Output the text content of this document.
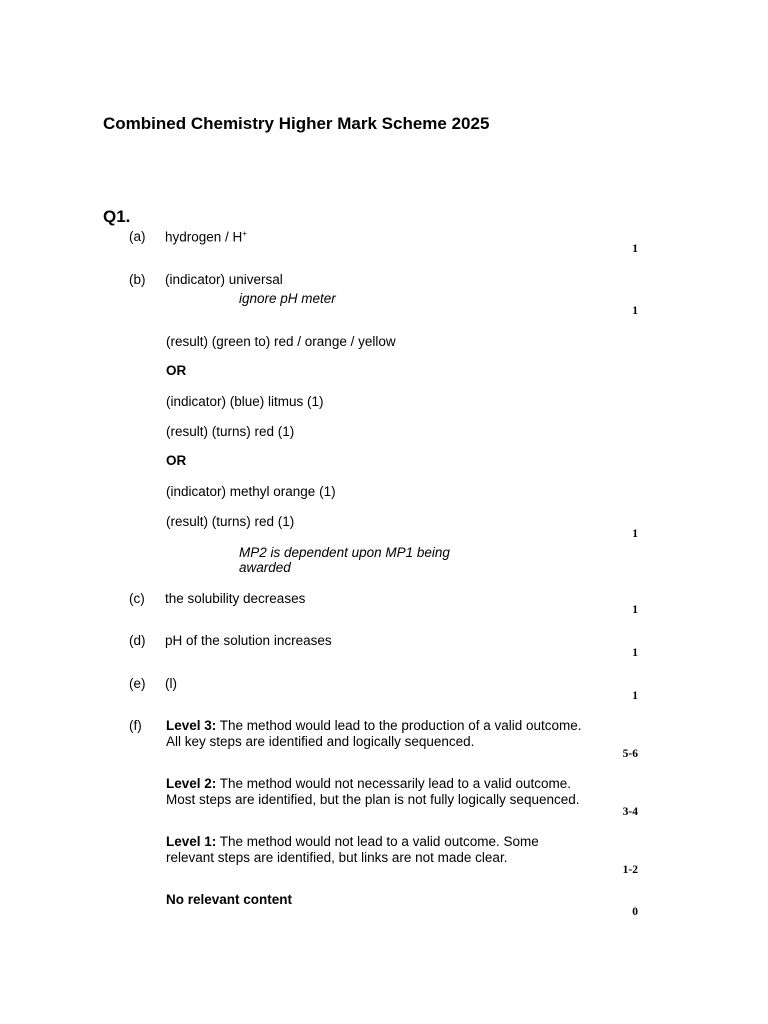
Combined Chemistry Higher Mark Scheme 2025
Q1.
(a) hydrogen / H+
1
(b) (indicator) universal
ignore pH meter
1
(result) (green to) red / orange / yellow
OR
(indicator) (blue) litmus (1)
(result) (turns) red (1)
OR
(indicator) methyl orange (1)
(result) (turns) red (1)
1
MP2 is dependent upon MP1 being
awarded
(c) the solubility decreases
1
(d) pH of the solution increases
1
(e) (l)
1
(f) Level 3: The method would lead to the production of a valid outcome.
All key steps are identified and logically sequenced.
5-6
Level 2: The method would not necessarily lead to a valid outcome.
Most steps are identified, but the plan is not fully logically sequenced.
3-4
Level 1: The method would not lead to a valid outcome. Some
relevant steps are identified, but links are not made clear.
1-2
No relevant content
0
